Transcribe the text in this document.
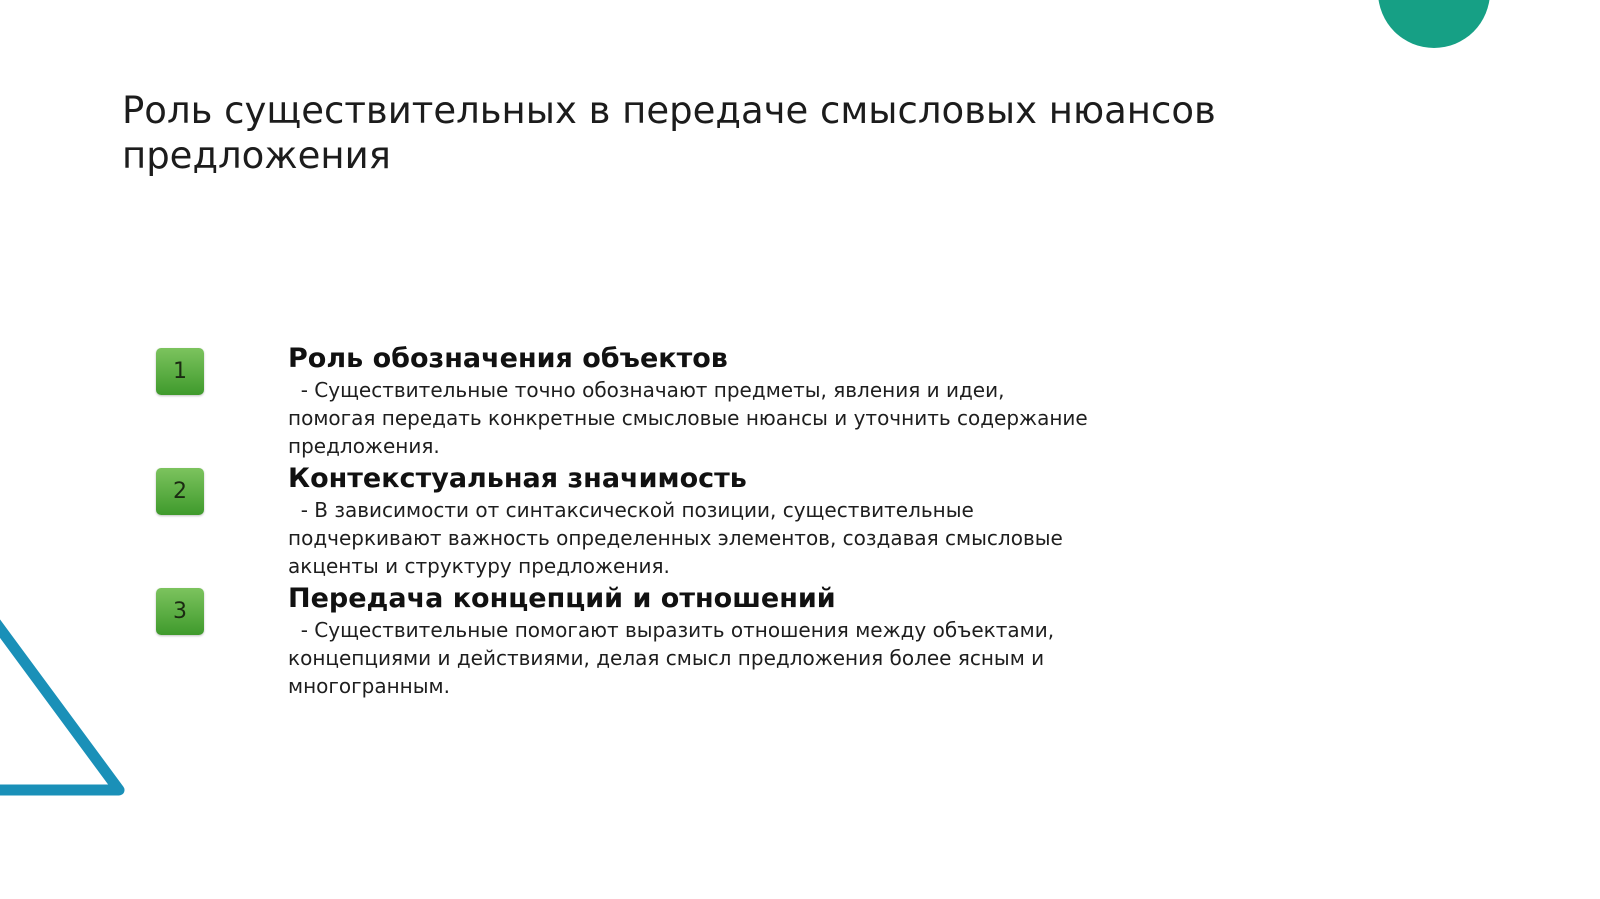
Роль существительных в передаче смысловых нюансов предложения
1	Роль обозначения объектов

- Существительные точно обозначают предметы, явления и идеи, помогая передать конкретные смысловые нюансы и уточнить содержание предложения.

2	Контекстуальная значимость

- В зависимости от синтаксической позиции, существительные подчеркивают важность определенных элементов, создавая смысловые акценты и структуру предложения.

3	Передача концепций и отношений

- Существительные помогают выразить отношения между объектами, концепциями и действиями, делая смысл предложения более ясным и многогранным.
